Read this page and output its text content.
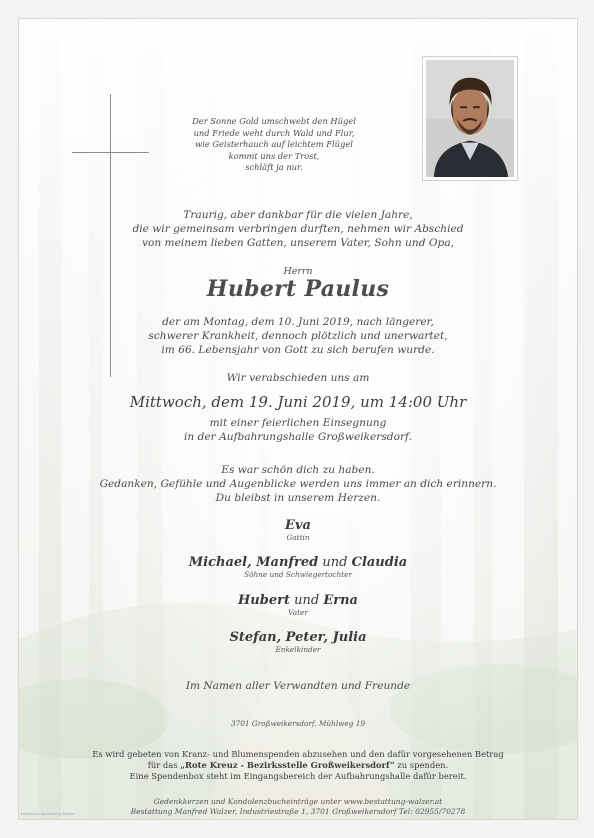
Der Sonne Gold umschwebt den Hügel
und Friede weht durch Wald und Flur,
wie Geisterhauch auf leichtem Flügel
kommt uns der Trost,
schläft ja nur.
Traurig, aber dankbar für die vielen Jahre,
die wir gemeinsam verbringen durften, nehmen wir Abschied
von meinem lieben Gatten, unserem Vater, Sohn und Opa,
Herrn
Hubert Paulus
der am Montag, dem 10. Juni 2019, nach längerer,
schwerer Krankheit, dennoch plötzlich und unerwartet,
im 66. Lebensjahr von Gott zu sich berufen wurde.
Wir verabschieden uns am
Mittwoch, dem 19. Juni 2019, um 14:00 Uhr
mit einer feierlichen Einsegnung
in der Aufbahrungshalle Großweikersdorf.
Es war schön dich zu haben.
Gedanken, Gefühle und Augenblicke werden uns immer an dich erinnern.
Du bleibst in unserem Herzen.
Eva
Gattin
Michael, Manfred und Claudia
Söhne und Schwiegertochter
Hubert und Erna
Vater
Stefan, Peter, Julia
Enkelkinder
Im Namen aller Verwandten und Freunde
3701 Großweikersdorf, Mühlweg 19
Es wird gebeten von Kranz- und Blumenspenden abzusehen und den dafür vorgesehenen Betrag
für das „Rote Kreuz - Bezirksstelle Großweikersdorf“ zu spenden.
Eine Spendenbox steht im Eingangsbereich der Aufbahrungshalle dafür bereit.
Gedenkkerzen und Kondolenzbucheinträge unter www.bestattung-walzer.at
Bestattung Manfred Walzer, Industriestraße 1, 3701 Großweikersdorf Tel: 02955/70278
Bildquelle: Bestattung Walzer
